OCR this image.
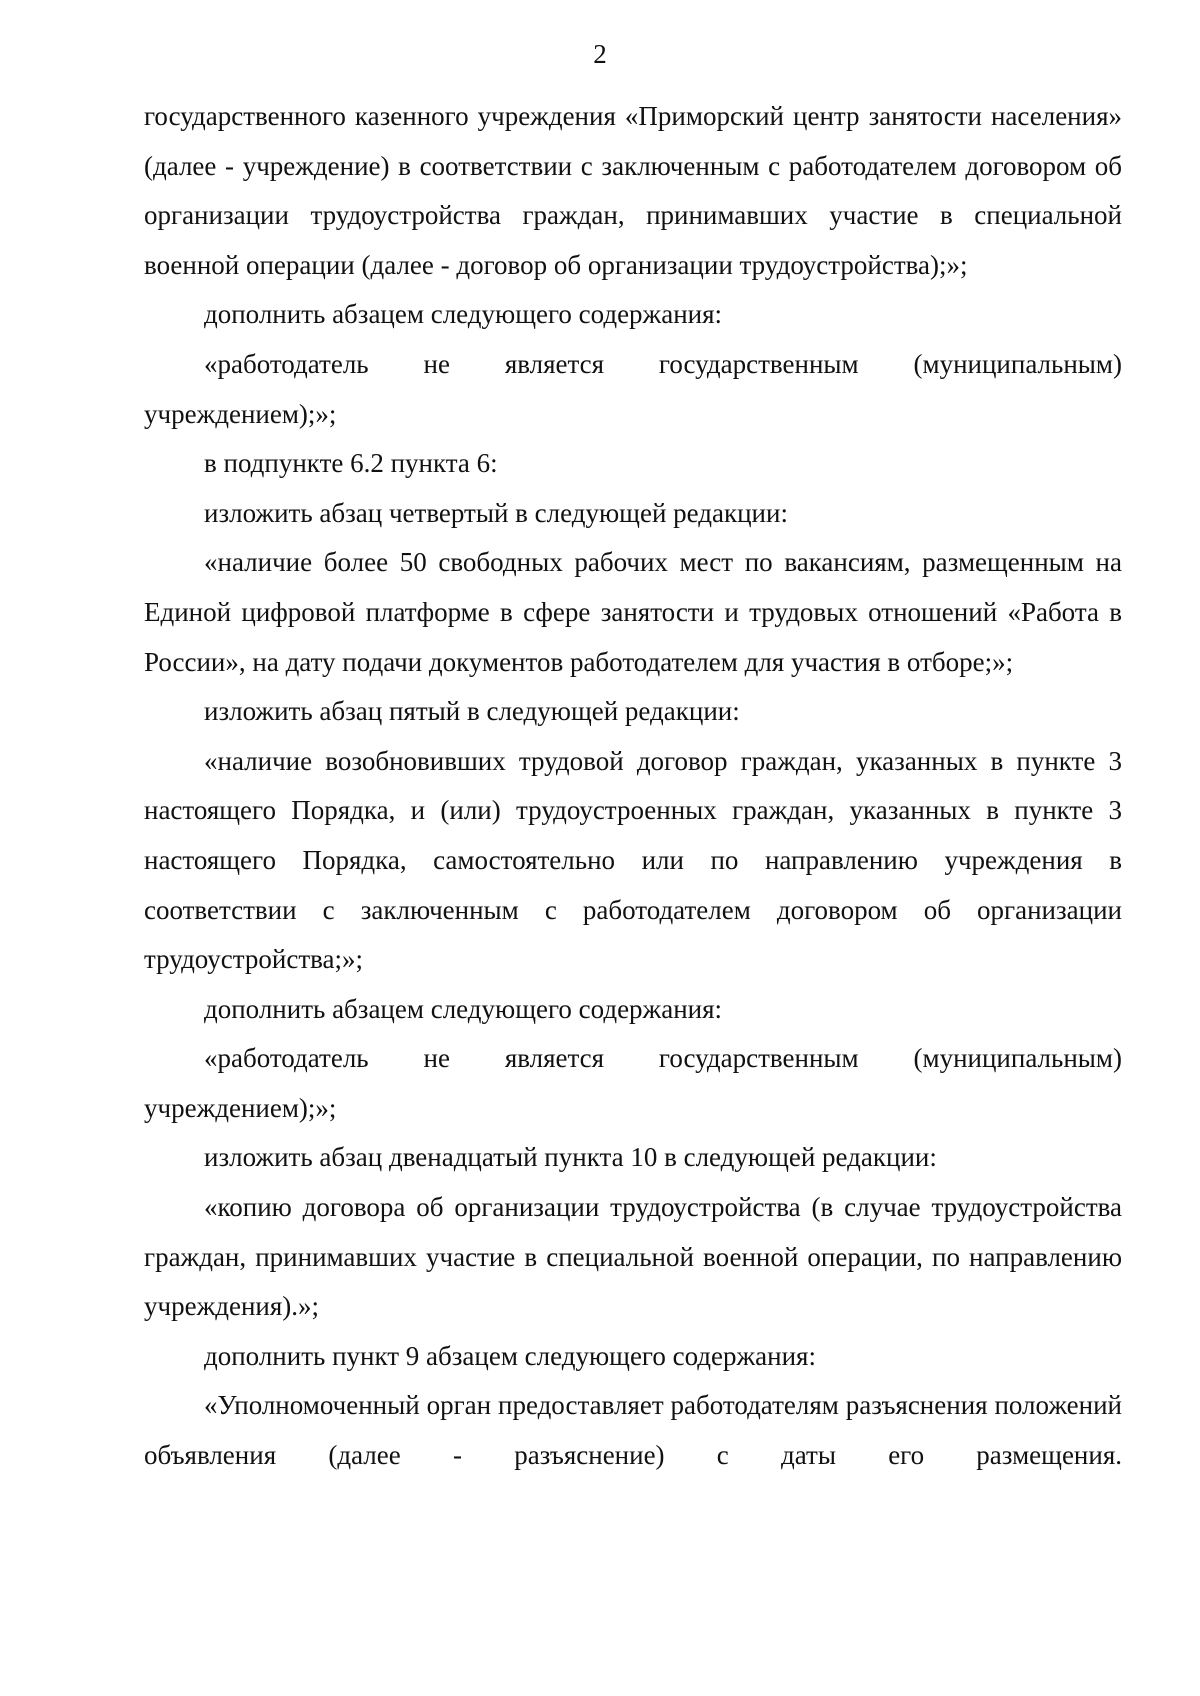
2

государственного казенного учреждения «Приморский центр занятости населения» (далее - учреждение) в соответствии с заключенным с работодателем договором об организации трудоустройства граждан, принимавших участие в специальной военной операции (далее - договор об организации трудоустройства);»;

дополнить абзацем следующего содержания:

«работодатель не является государственным (муниципальным) учреждением);»;

в подпункте 6.2 пункта 6:

изложить абзац четвертый в следующей редакции:

«наличие более 50 свободных рабочих мест по вакансиям, размещенным на Единой цифровой платформе в сфере занятости и трудовых отношений «Работа в России», на дату подачи документов работодателем для участия в отборе;»;

изложить абзац пятый в следующей редакции:

«наличие возобновивших трудовой договор граждан, указанных в пункте 3 настоящего Порядка, и (или) трудоустроенных граждан, указанных в пункте 3 настоящего Порядка, самостоятельно или по направлению учреждения в соответствии с заключенным с работодателем договором об организации трудоустройства;»;

дополнить абзацем следующего содержания:

«работодатель не является государственным (муниципальным) учреждением);»;

изложить абзац двенадцатый пункта 10 в следующей редакции:

«копию договора об организации трудоустройства (в случае трудоустройства граждан, принимавших участие в специальной военной операции, по направлению учреждения).»;

дополнить пункт 9 абзацем следующего содержания:

«Уполномоченный орган предоставляет работодателям разъяснения положений объявления (далее - разъяснение) с даты его размещения.
